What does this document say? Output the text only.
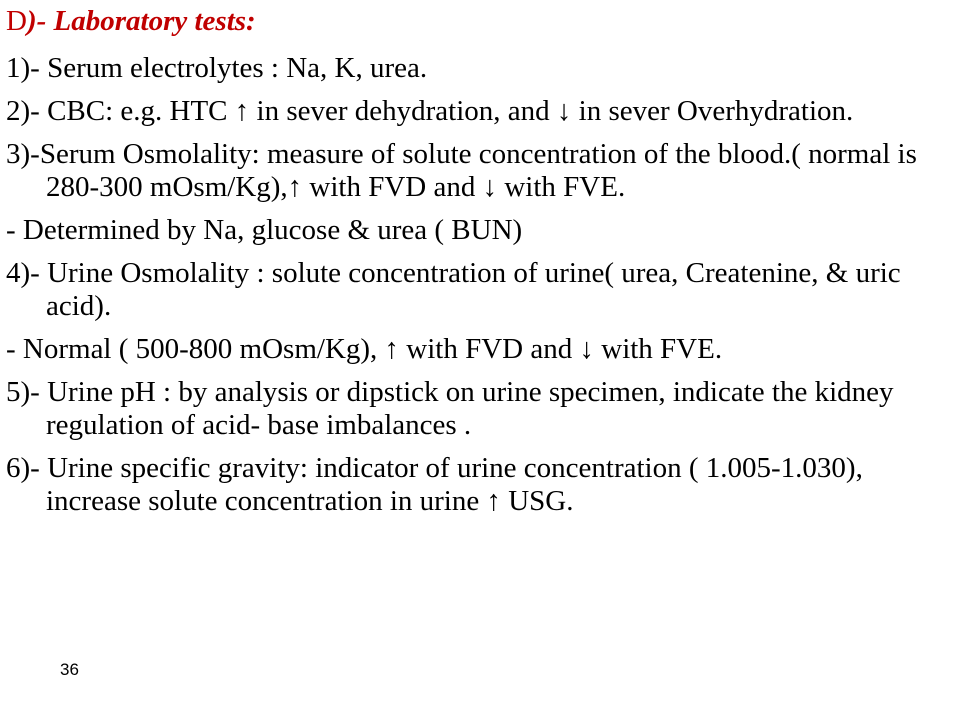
D)- Laboratory tests:

1)- Serum electrolytes : Na, K, urea.

2)- CBC: e.g. HTC ↑ in sever dehydration, and ↓ in sever Overhydration.

3)-Serum Osmolality: measure of solute concentration of the blood.( normal is 280-300 mOsm/Kg),↑ with FVD and ↓ with FVE.

- Determined by Na, glucose & urea ( BUN)

4)- Urine Osmolality : solute concentration of urine( urea, Createnine, & uric acid).

- Normal ( 500-800 mOsm/Kg), ↑ with FVD and ↓ with FVE.

5)- Urine pH : by analysis or dipstick on urine specimen, indicate the kidney regulation of acid- base imbalances .

6)- Urine specific gravity: indicator of urine concentration ( 1.005-1.030), increase solute concentration in urine ↑ USG.

36
